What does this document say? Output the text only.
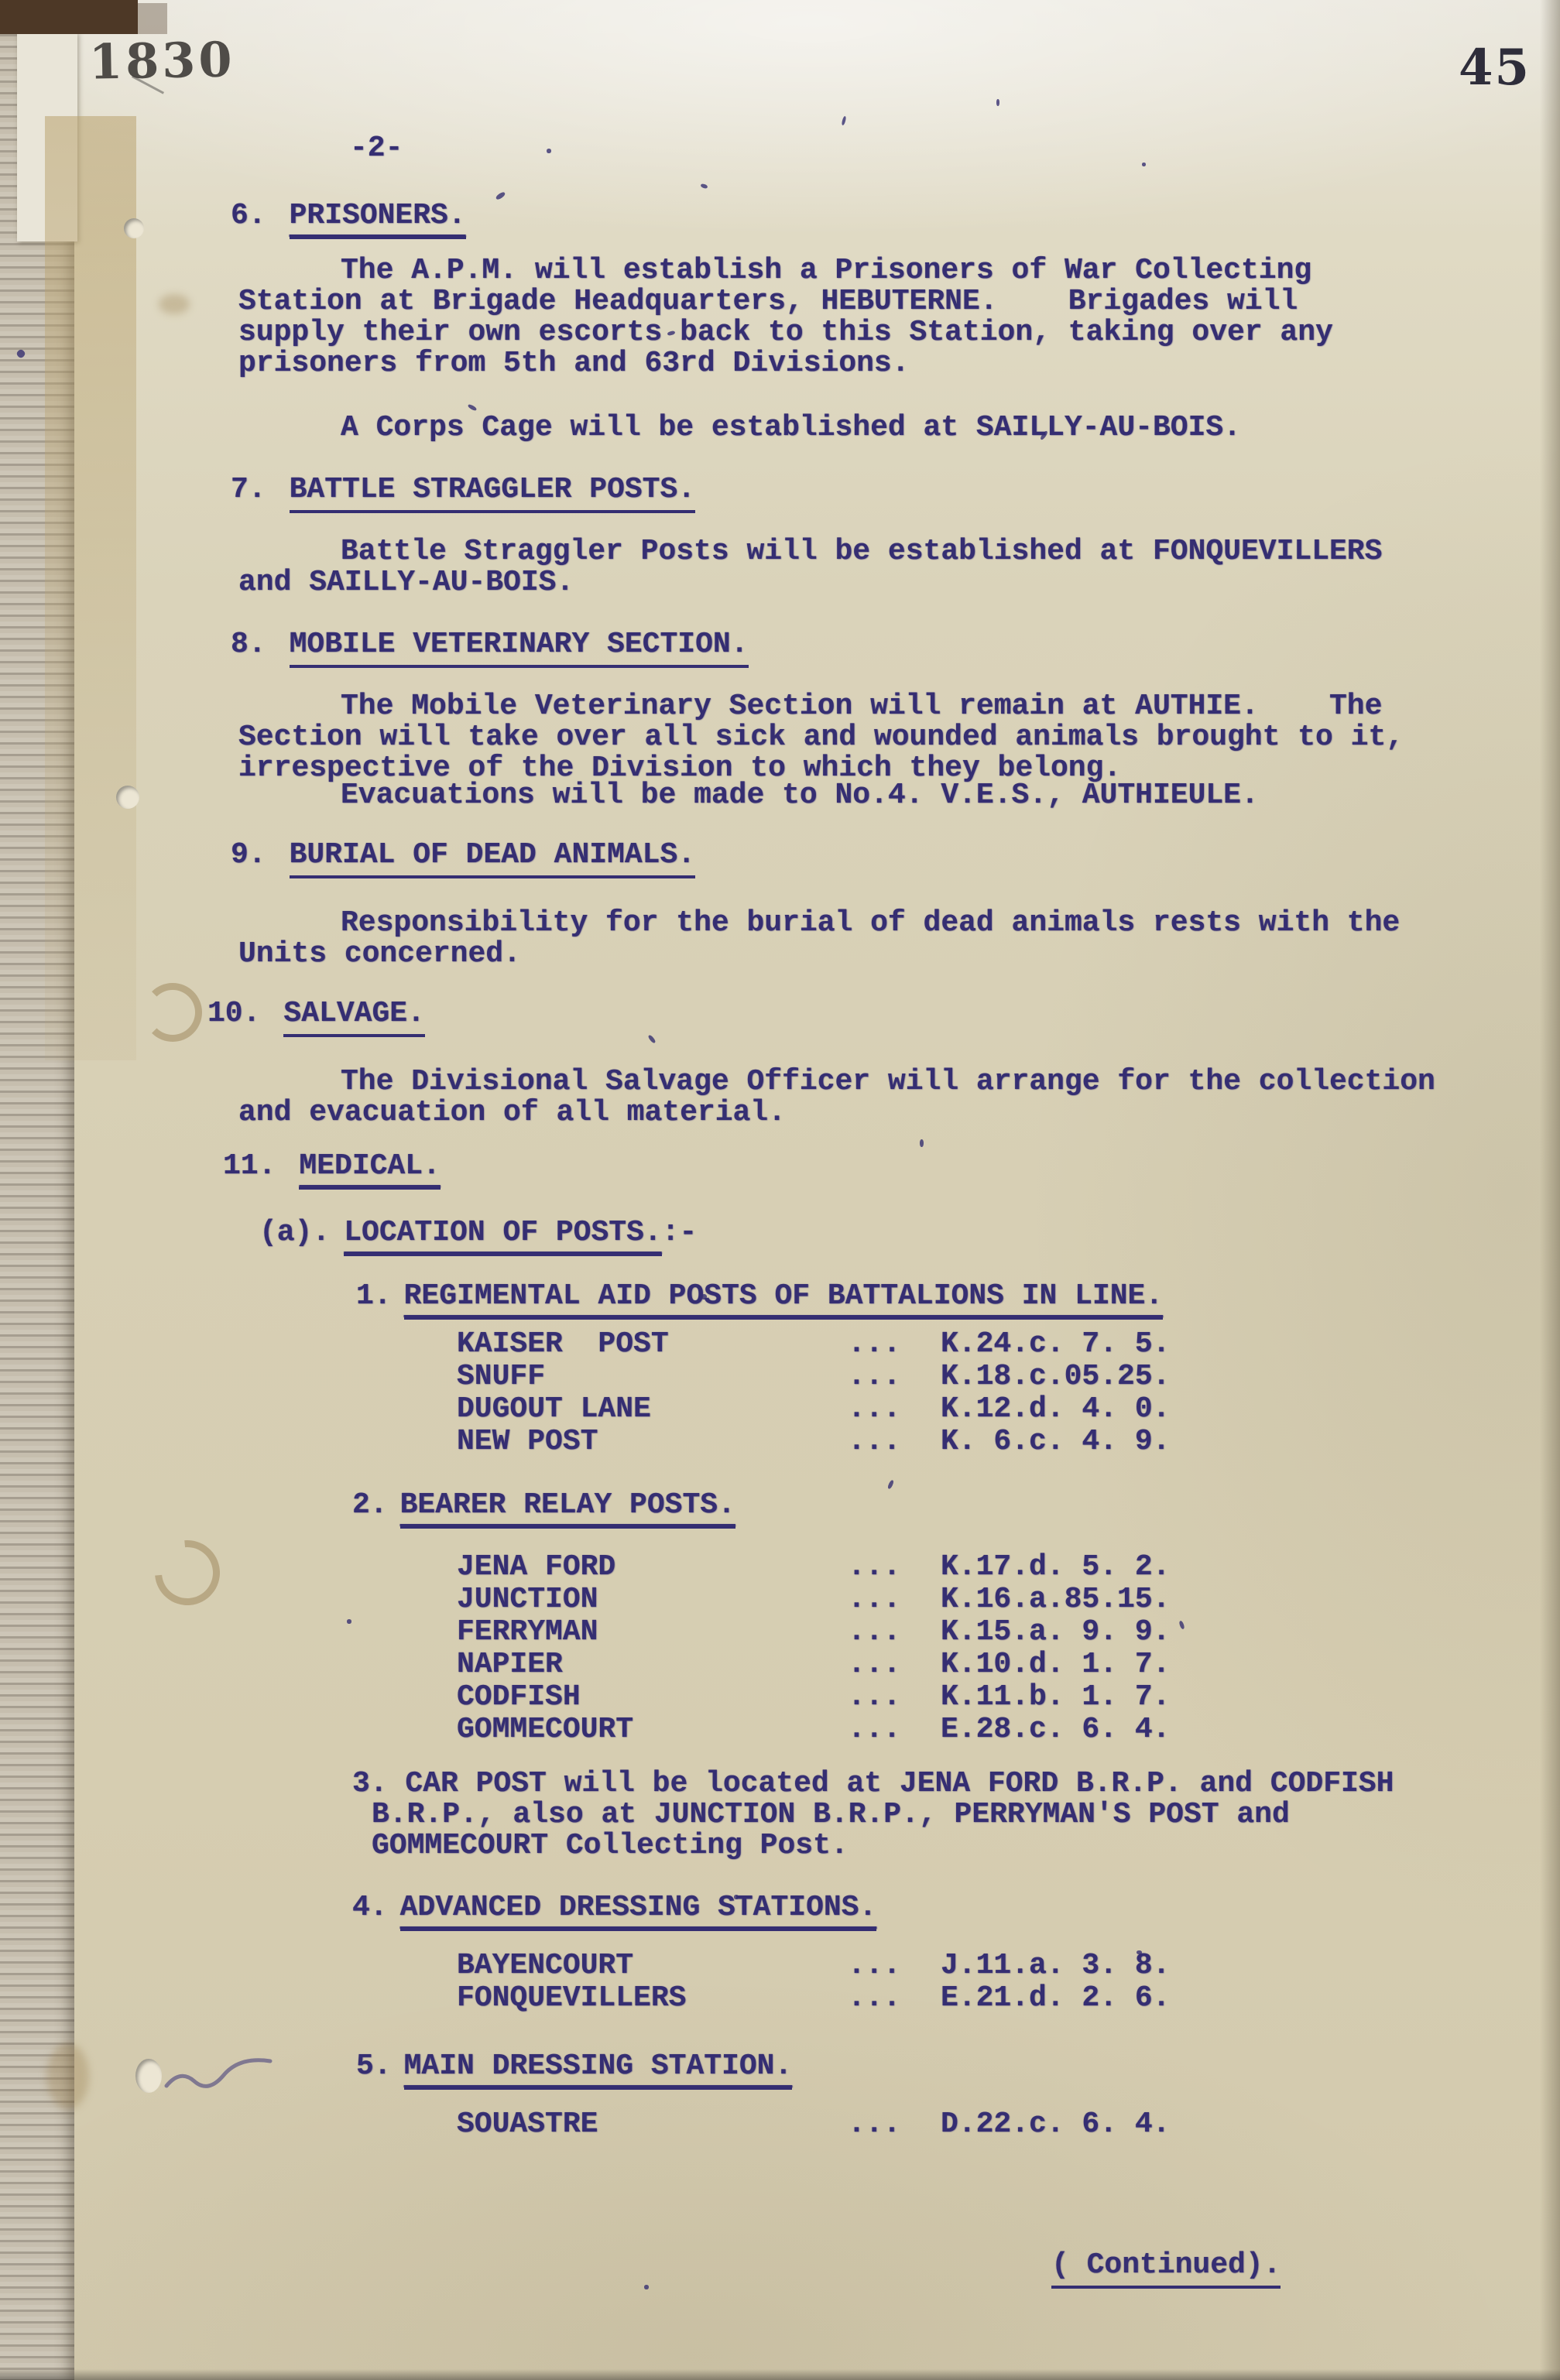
1830	45
-2-
6. PRISONERS.
The A.P.M. will establish a Prisoners of War Collecting
Station at Brigade Headquarters, HEBUTERNE.    Brigades will
supply their own escorts back to this Station, taking over any
prisoners from 5th and 63rd Divisions.
A Corps Cage will be established at SAILLY-AU-BOIS.
7. BATTLE STRAGGLER POSTS.
Battle Straggler Posts will be established at FONQUEVILLERS
and SAILLY-AU-BOIS.
8. MOBILE VETERINARY SECTION.
The Mobile Veterinary Section will remain at AUTHIE.    The
Section will take over all sick and wounded animals brought to it,
irrespective of the Division to which they belong.
Evacuations will be made to No.4. V.E.S., AUTHIEULE.
9. BURIAL OF DEAD ANIMALS.
Responsibility for the burial of dead animals rests with the
Units concerned.
10. SALVAGE.
The Divisional Salvage Officer will arrange for the collection
and evacuation of all material.
11. MEDICAL.
(a). LOCATION OF POSTS. :-
1. REGIMENTAL AID POSTS OF BATTALIONS IN LINE.
KAISER  POST	... K.24.c. 7. 5.
SNUFF	... K.18.c.05.25.
DUGOUT LANE	... K.12.d. 4. 0.
NEW POST	... K. 6.c. 4. 9.
2. BEARER RELAY POSTS.
JENA FORD	... K.17.d. 5. 2.
JUNCTION	... K.16.a.85.15.
FERRYMAN	... K.15.a. 9. 9.
NAPIER	... K.10.d. 1. 7.
CODFISH	... K.11.b. 1. 7.
GOMMECOURT	... E.28.c. 6. 4.
3. CAR POST will be located at JENA FORD B.R.P. and CODFISH
B.R.P., also at JUNCTION B.R.P., PERRYMAN'S POST and
GOMMECOURT Collecting Post.
4. ADVANCED DRESSING STATIONS.
BAYENCOURT	... J.11.a. 3. 8.
FONQUEVILLERS	... E.21.d. 2. 6.
5. MAIN DRESSING STATION.
SOUASTRE	... D.22.c. 6. 4.
( Continued).
